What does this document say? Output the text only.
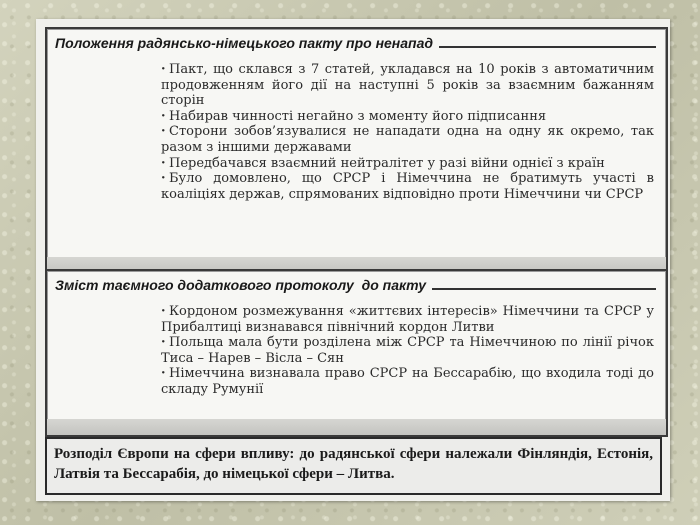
Положення радянсько-німецького пакту про ненапад
· Пакт, що склався з 7 статей, укладався на 10 років з автоматичним продовженням його дії на наступні 5 років за взаємним бажанням сторін
· Набирав чинності негайно з моменту його підписання
· Сторони зобов’язувалися не нападати одна на одну як окремо, так разом з іншими державами
· Передбачався взаємний нейтралітет у разі війни однієї з країн
· Було домовлено, що СРСР і Німеччина не братимуть участі в коаліціях держав, спрямованих відповідно проти Німеччини чи СРСР
Зміст таємного додаткового протоколу  до пакту
· Кордоном розмежування «життєвих інтересів» Німеччини та СРСР у Прибалтиці визнавався північний кордон Литви
· Польща мала бути розділена між СРСР та Німеччиною по лінії річок Тиса – Нарев – Вісла – Сян
· Німеччина визнавала право СРСР на Бессарабію, що входила тоді до складу Румунії
Розподіл Європи на сфери впливу: до радянської сфери належали Фінляндія, Естонія, Латвія та Бессарабія, до німецької сфери – Литва.
